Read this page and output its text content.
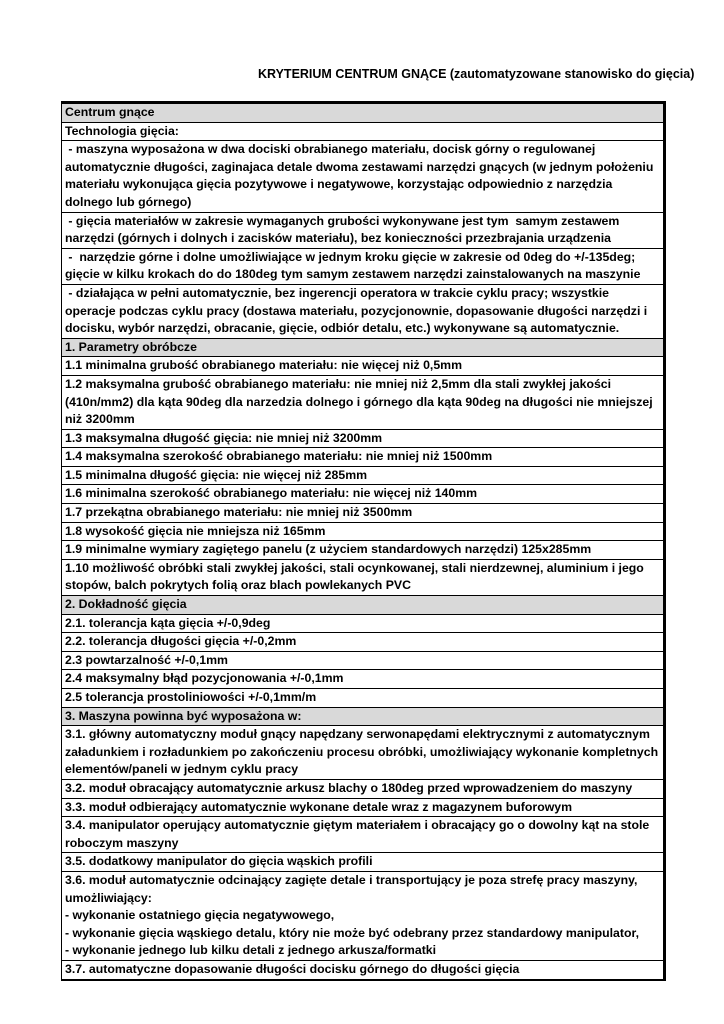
KRYTERIUM CENTRUM GNĄCE (zautomatyzowane stanowisko do gięcia)
Centrum gnące
Technologia gięcia:
- maszyna wyposażona w dwa dociski obrabianego materiału, docisk górny o regulowanej automatycznie długości, zaginajaca detale dwoma zestawami narzędzi gnących (w jednym położeniu materiału wykonująca gięcia pozytywowe i negatywowe, korzystając odpowiednio z narzędzia dolnego lub górnego)

- gięcia materiałów w zakresie wymaganych grubości wykonywane jest tym  samym zestawem narzędzi (górnych i dolnych i zacisków materiału), bez konieczności przezbrajania urządzenia
-  narzędzie górne i dolne umożliwiające w jednym kroku gięcie w zakresie od 0deg do +/-135deg; gięcie w kilku krokach do do 180deg tym samym zestawem narzędzi zainstalowanych na maszynie
- działająca w pełni automatycznie, bez ingerencji operatora w trakcie cyklu pracy; wszystkie operacje podczas cyklu pracy (dostawa materiału, pozycjonownie, dopasowanie długości narzędzi i docisku, wybór narzędzi, obracanie, gięcie, odbiór detalu, etc.) wykonywane są automatycznie.
1. Parametry obróbcze
1.1 minimalna grubość obrabianego materiału: nie więcej niż 0,5mm
1.2 maksymalna grubość obrabianego materiału: nie mniej niż 2,5mm dla stali zwykłej jakości (410n/mm2) dla kąta 90deg dla narzedzia dolnego i górnego dla kąta 90deg na długości nie mniejszej  niż 3200mm

1.3 maksymalna długość gięcia: nie mniej niż 3200mm
1.4 maksymalna szerokość obrabianego materiału: nie mniej niż 1500mm
1.5 minimalna długość gięcia: nie więcej niż 285mm
1.6 minimalna szerokość obrabianego materiału: nie więcej niż 140mm
1.7 przekątna obrabianego materiału: nie mniej niż 3500mm
1.8 wysokość gięcia nie mniejsza niż 165mm
1.9 minimalne wymiary zagiętego panelu (z użyciem standardowych narzędzi) 125x285mm
1.10 możliwość obróbki stali zwykłej jakości, stali ocynkowanej, stali nierdzewnej, aluminium i jego stopów, balch pokrytych folią oraz blach powlekanych PVC
2. Dokładność gięcia
2.1. tolerancja kąta gięcia +/-0,9deg
2.2. tolerancja długości gięcia +/-0,2mm
2.3 powtarzalność +/-0,1mm
2.4 maksymalny błąd pozycjonowania +/-0,1mm
2.5 tolerancja prostoliniowości +/-0,1mm/m
3. Maszyna powinna być wyposażona w:
3.1. główny automatyczny moduł gnący napędzany serwonapędami elektrycznymi z automatycznym załadunkiem i rozładunkiem po zakończeniu procesu obróbki, umożliwiający wykonanie kompletnych elementów/paneli w jednym cyklu pracy
3.2. moduł obracający automatycznie arkusz blachy o 180deg przed wprowadzeniem do maszyny
3.3. moduł odbierający automatycznie wykonane detale wraz z magazynem buforowym
3.4. manipulator operujący automatycznie giętym materiałem i obracający go o dowolny kąt na stole roboczym maszyny
3.5. dodatkowy manipulator do gięcia wąskich profili
3.6. moduł automatycznie odcinający zagięte detale i transportujący je poza strefę pracy maszyny, umożliwiający:
- wykonanie ostatniego gięcia negatywowego,
- wykonanie gięcia wąskiego detalu, który nie może być odebrany przez standardowy manipulator,
- wykonanie jednego lub kilku detali z jednego arkusza/formatki
3.7. automatyczne dopasowanie długości docisku górnego do długości gięcia
